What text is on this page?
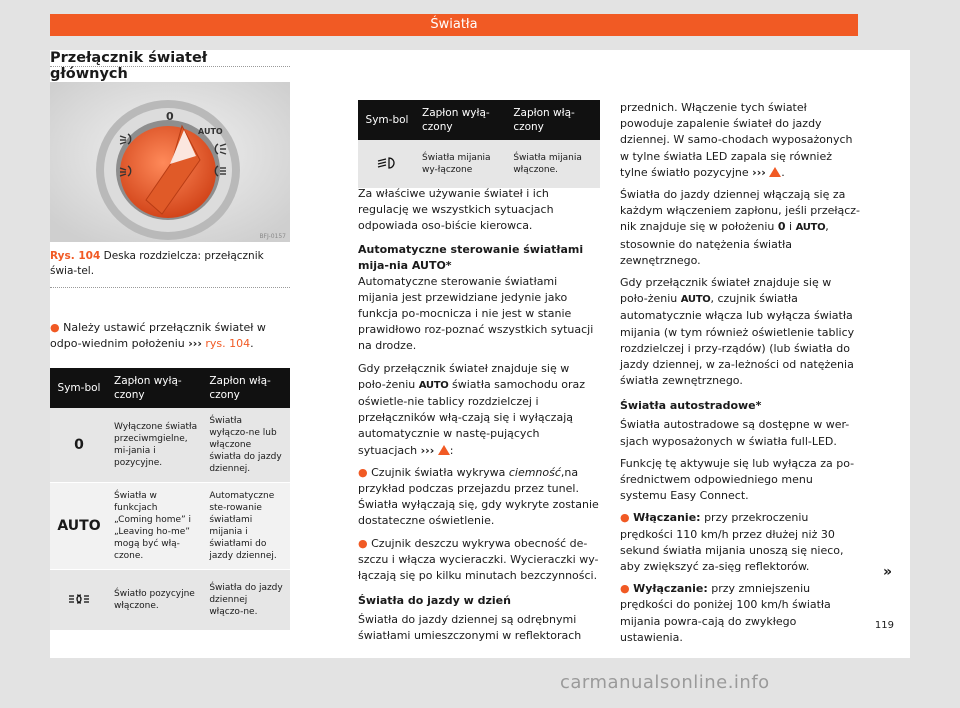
Światła
Przełącznik świateł głównych
0
AUTO
BFJ-0157
Rys. 104 Deska rozdzielcza: przełącznik świa-tel.

● Należy ustawić przełącznik świateł w odpo-wiednim położeniu ››› rys. 104.

Sym-bol	Zapłon wyłą-czony	Zapłon włą-czony
0	Wyłączone światła przeciwmgielne, mi-jania i pozycyjne.	Światła wyłączo-ne lub włączone światła do jazdy dziennej.
AUTO	Światła w funkcjach „Coming home” i „Leaving ho-me” mogą być włą-czone.	Automatyczne ste-rowanie światłami mijania i światłami do jazdy dziennej.
	Światło pozycyjne włączone.	Światła do jazdy dziennej włączo-ne.
Sym-bol	Zapłon wyłą-czony	Zapłon włą-czony
	Światła mijania wy-łączone	Światła mijania włączone.

Za właściwe używanie świateł i ich regulację we wszystkich sytuacjach odpowiada oso-biście kierowca.

Automatyczne sterowanie światłami mija-nia AUTO*

Automatyczne sterowanie światłami mijania jest przewidziane jedynie jako funkcja po-mocnicza i nie jest w stanie prawidłowo roz-poznać wszystkich sytuacji na drodze.

Gdy przełącznik świateł znajduje się w poło-żeniu AUTO światła samochodu oraz oświetle-nie tablicy rozdzielczej i przełączników włą-czają się i wyłączają automatycznie w nastę-pujących sytuacjach ››› :

● Czujnik światła wykrywa ciemność,na przykład podczas przejazdu przez tunel. Światła wyłączają się, gdy wykryte zostanie dostateczne oświetlenie.

● Czujnik deszczu wykrywa obecność de-szczu i włącza wycieraczki. Wycieraczki wy-łączają się po kilku minutach bezczynności.

Światła do jazdy w dzień

Światła do jazdy dziennej są odrębnymi światłami umieszczonymi w reflektorach

przednich. Włączenie tych świateł powoduje zapalenie świateł do jazdy dziennej. W samo-chodach wyposażonych w tylne światła LED zapala się również tylne światło pozycyjne ››› .

Światła do jazdy dziennej włączają się za każdym włączeniem zapłonu, jeśli przełącz-nik znajduje się w położeniu 0 i AUTO, stosownie do natężenia światła zewnętrznego.

Gdy przełącznik świateł znajduje się w poło-żeniu AUTO, czujnik światła automatycznie włącza lub wyłącza światła mijania (w tym również oświetlenie tablicy rozdzielczej i przy-rządów) (lub światła do jazdy dziennej, w za-leżności od natężenia światła zewnętrznego.

Światła autostradowe*

Światła autostradowe są dostępne w wer-sjach wyposażonych w światła full-LED.

Funkcję tę aktywuje się lub wyłącza za po-średnictwem odpowiedniego menu systemu Easy Connect.

● Włączanie: przy przekroczeniu prędkości 110 km/h przez dłużej niż 30 sekund światła mijania unoszą się nieco, aby zwiększyć za-sięg reflektorów.

● Wyłączanie: przy zmniejszeniu prędkości do poniżej 100 km/h światła mijania powra-cają do zwykłego ustawienia.

»
119
carmanualsonline.info
